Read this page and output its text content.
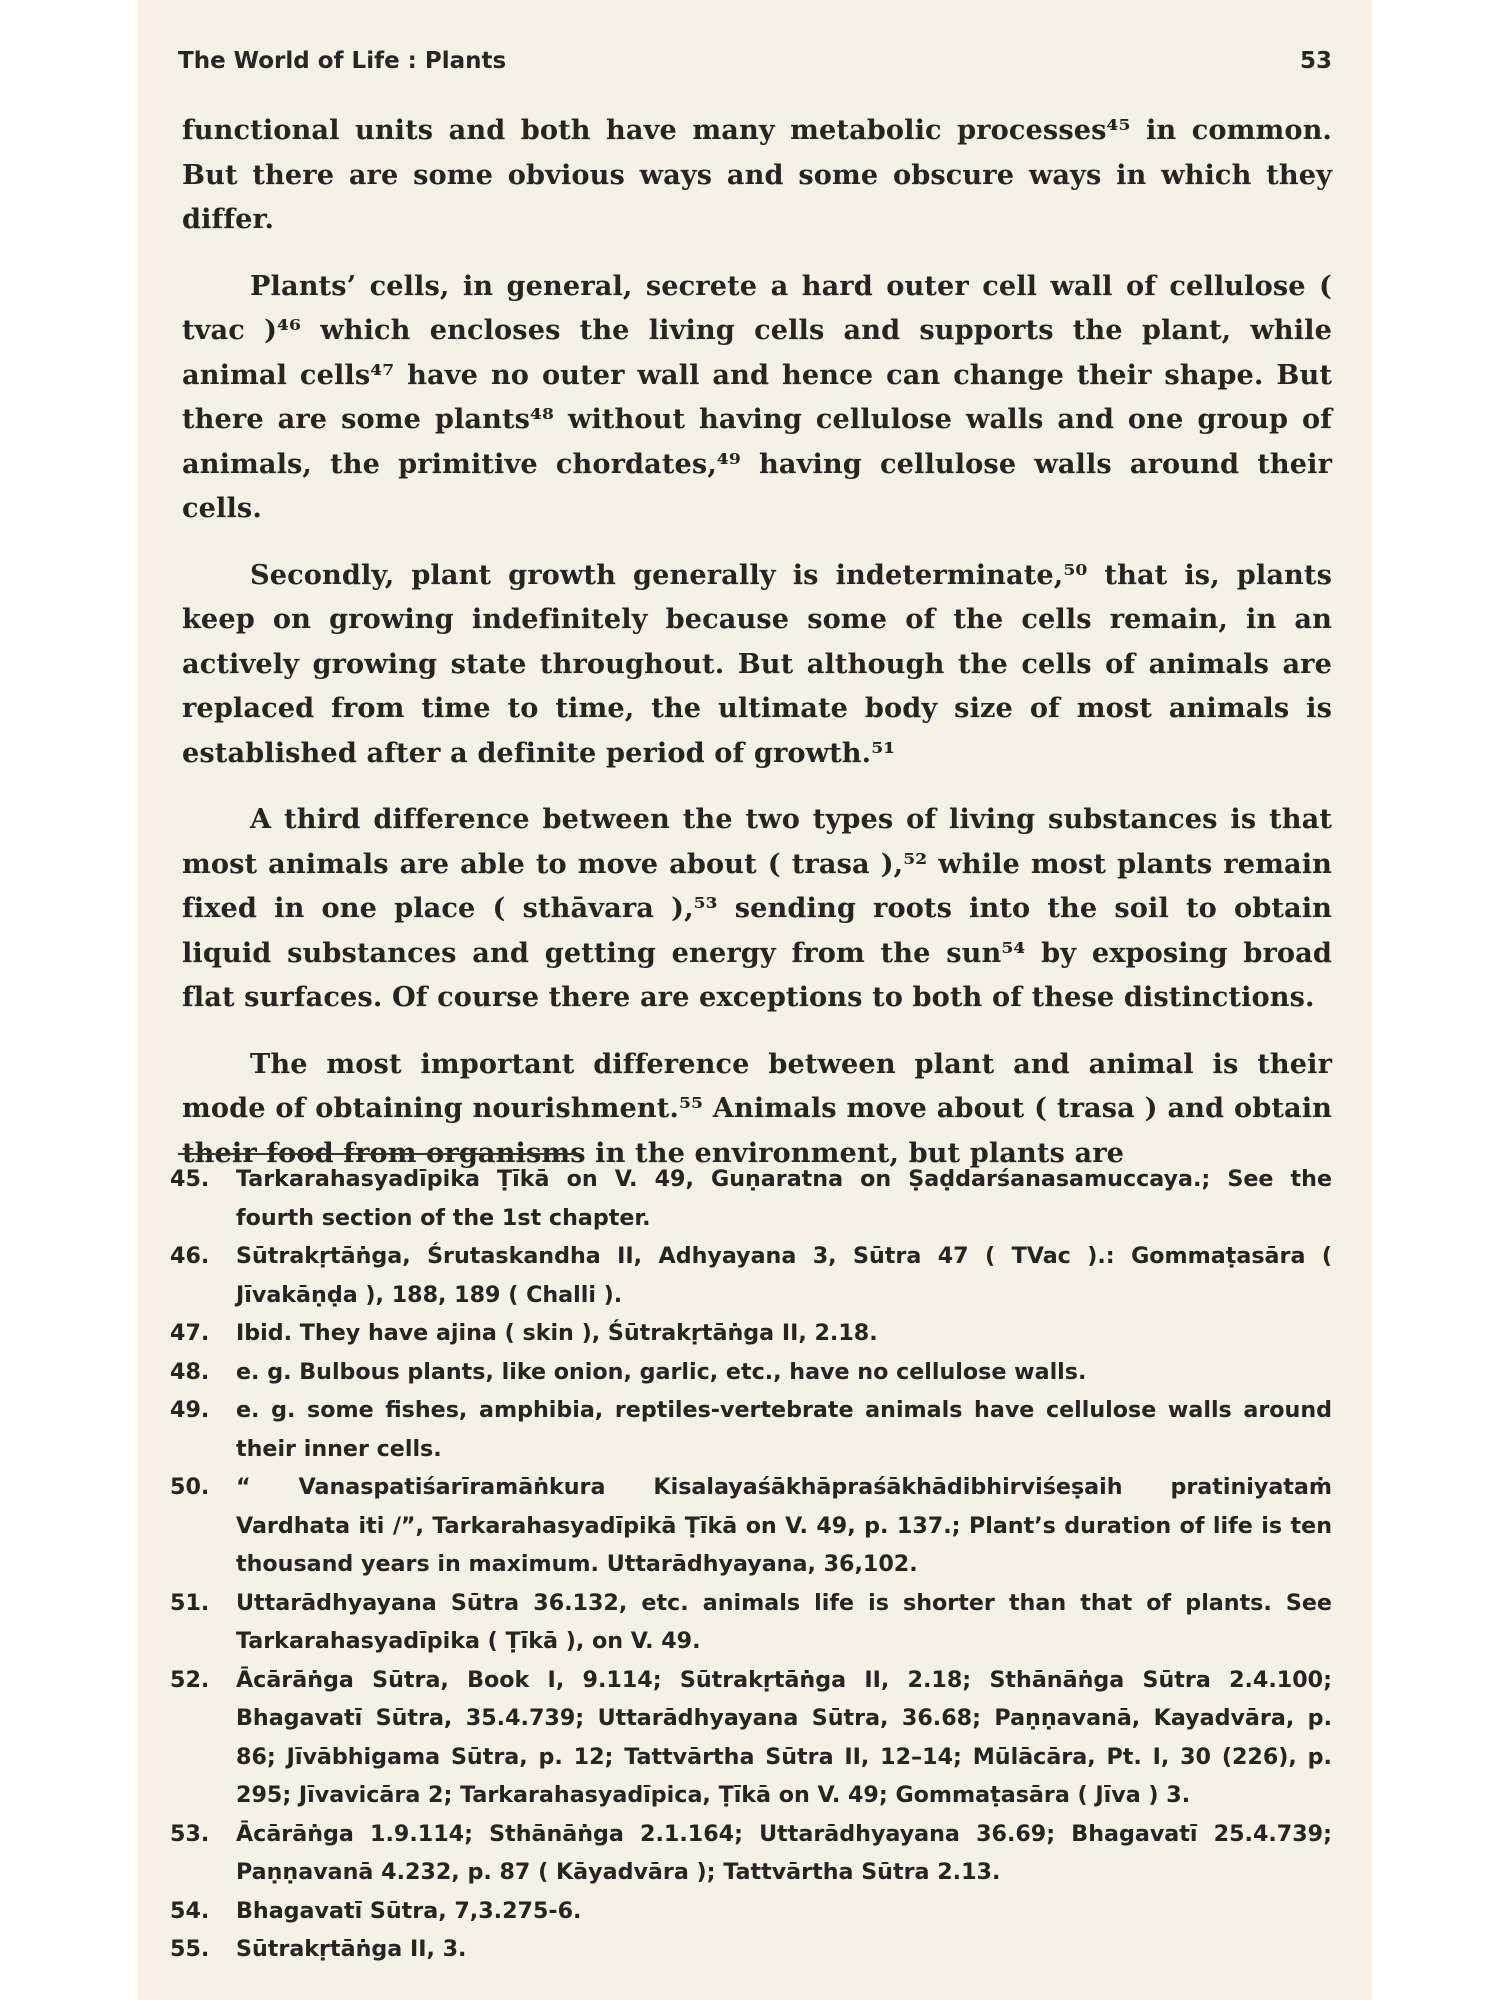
The World of Life : Plants	53

functional units and both have many metabolic processes⁴⁵ in common. But there are some obvious ways and some obscure ways in which they differ.

Plants’ cells, in general, secrete a hard outer cell wall of cellulose ( tvac )⁴⁶ which encloses the living cells and supports the plant, while animal cells⁴⁷ have no outer wall and hence can change their shape. But there are some plants⁴⁸ without having cellulose walls and one group of animals, the primitive chordates,⁴⁹ having cellulose walls around their cells.

Secondly, plant growth generally is indeterminate,⁵⁰ that is, plants keep on growing indefinitely because some of the cells remain, in an actively growing state throughout. But although the cells of animals are replaced from time to time, the ultimate body size of most animals is established after a definite period of growth.⁵¹

A third difference between the two types of living substances is that most animals are able to move about ( trasa ),⁵² while most plants remain fixed in one place ( sthāvara ),⁵³ sending roots into the soil to obtain liquid substances and getting energy from the sun⁵⁴ by exposing broad flat surfaces. Of course there are exceptions to both of these distinctions.

The most important difference between plant and animal is their mode of obtaining nourishment.⁵⁵ Animals move about ( trasa ) and obtain their food from organisms in the environment, but plants are

45.	Tarkarahasyadīpika Ṭīkā on V. 49, Guṇaratna on Ṣaḍdarśanasamuccaya.; See the fourth section of the 1st chapter.
46.	Sūtrakṛtāṅga, Śrutaskandha II, Adhyayana 3, Sūtra 47 ( TVac ).: Gommaṭasāra ( Jīvakāṇḍa ), 188, 189 ( Challi ).
47.	Ibid. They have ajina ( skin ), Śūtrakṛtāṅga II, 2.18.
48.	e. g. Bulbous plants, like onion, garlic, etc., have no cellulose walls.
49.	e. g. some fishes, amphibia, reptiles-vertebrate animals have cellulose walls around their inner cells.
50.	“ Vanaspatiśarīramāṅkura Kisalayaśākhāpraśākhādibhirviśeṣaih pratiniyataṁ Vardhata iti /”, Tarkarahasyadīpikā Ṭīkā on V. 49, p. 137.; Plant’s duration of life is ten thousand years in maximum. Uttarādhyayana, 36,102.
51.	Uttarādhyayana Sūtra 36.132, etc. animals life is shorter than that of plants. See Tarkarahasyadīpika ( Ṭīkā ), on V. 49.
52.	Ācārāṅga Sūtra, Book I, 9.114; Sūtrakṛtāṅga II, 2.18; Sthānāṅga Sūtra 2.4.100; Bhagavatī Sūtra, 35.4.739; Uttarādhyayana Sūtra, 36.68; Paṇṇavanā, Kayadvāra, p. 86; Jīvābhigama Sūtra, p. 12; Tattvārtha Sūtra II, 12–14; Mūlācāra, Pt. I, 30 (226), p. 295; Jīvavicāra 2; Tarkarahasyadīpica, Ṭīkā on V. 49; Gommaṭasāra ( Jīva ) 3.
53.	Ācārāṅga 1.9.114; Sthānāṅga 2.1.164; Uttarādhyayana 36.69; Bhagavatī 25.4.739; Paṇṇavanā 4.232, p. 87 ( Kāyadvāra ); Tattvārtha Sūtra 2.13.
54.	Bhagavatī Sūtra, 7,3.275-6.
55.	Sūtrakṛtāṅga II, 3.
